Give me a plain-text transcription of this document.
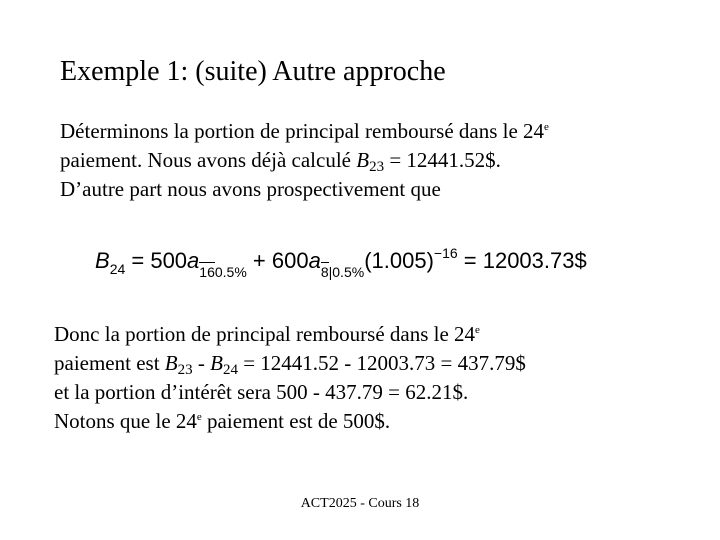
Exemple 1: (suite) Autre approche
Déterminons la portion de principal remboursé dans le 24e
paiement. Nous avons déjà calculé $B_{23}$ = 12441.52$.
D’autre part nous avons prospectivement que
$B_{24} = 500a_{160.5\%} + 600a_{8|0.5\%}(1.005)^{-16}$ = 12003.73$
Donc la portion de principal remboursé dans le 24e
paiement est $B_{23} - B_{24} = 12441.52 - 12003.73$ = 437.79$
et la portion d’intérêt sera 500 - 437.79 = 62.21$.
Notons que le 24e paiement est de 500$.
ACT2025 - Cours 18
